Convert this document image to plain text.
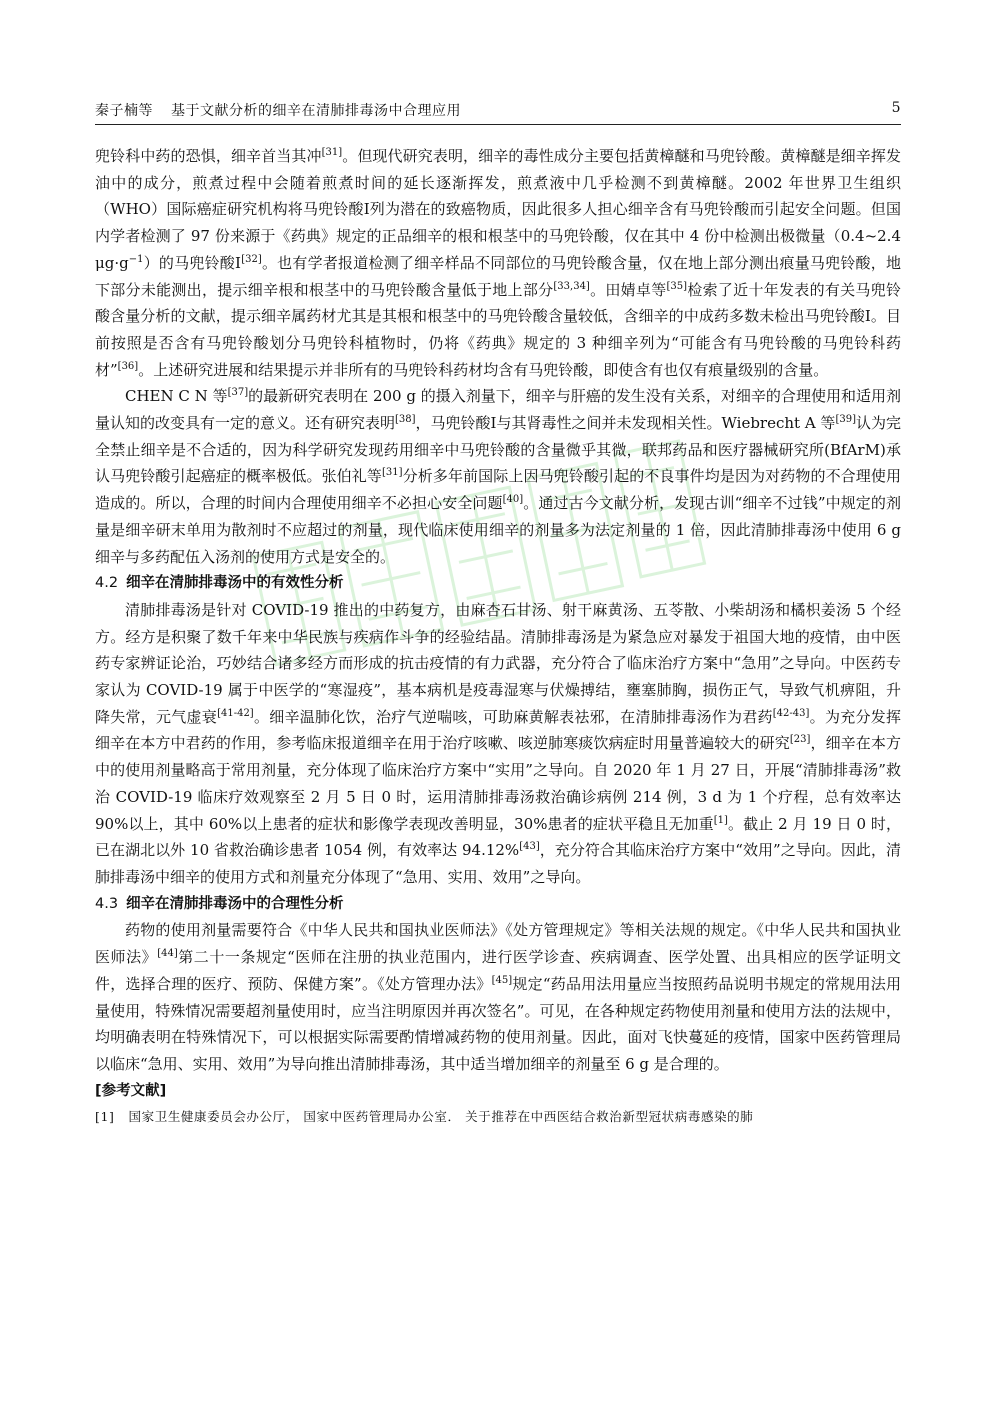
秦子楠等 基于文献分析的细辛在清肺排毒汤中合理应用	5

兜铃科中药的恐惧，细辛首当其冲[31]。但现代研究表明，细辛的毒性成分主要包括黄樟醚和马兜铃酸。黄樟醚是细辛挥发油中的成分，煎煮过程中会随着煎煮时间的延长逐渐挥发，煎煮液中几乎检测不到黄樟醚。2002 年世界卫生组织（WHO）国际癌症研究机构将马兜铃酸Ⅰ列为潜在的致癌物质，因此很多人担心细辛含有马兜铃酸而引起安全问题。但国内学者检测了 97 份来源于《药典》规定的正品细辛的根和根茎中的马兜铃酸，仅在其中 4 份中检测出极微量（0.4~2.4 $\mu g\cdot g^{-1}$）的马兜铃酸Ⅰ[32]。也有学者报道检测了细辛样品不同部位的马兜铃酸含量，仅在地上部分测出痕量马兜铃酸，地下部分未能测出，提示细辛根和根茎中的马兜铃酸含量低于地上部分[33,34]。田婧卓等[35]检索了近十年发表的有关马兜铃酸含量分析的文献，提示细辛属药材尤其是其根和根茎中的马兜铃酸含量较低，含细辛的中成药多数未检出马兜铃酸Ⅰ。目前按照是否含有马兜铃酸划分马兜铃科植物时，仍将《药典》规定的 3 种细辛列为“可能含有马兜铃酸的马兜铃科药材”[36]。上述研究进展和结果提示并非所有的马兜铃科药材均含有马兜铃酸，即使含有也仅有痕量级别的含量。

CHEN C N 等[37]的最新研究表明在 200 g 的摄入剂量下，细辛与肝癌的发生没有关系，对细辛的合理使用和适用剂量认知的改变具有一定的意义。还有研究表明[38]，马兜铃酸Ⅰ与其肾毒性之间并未发现相关性。Wiebrecht A 等[39]认为完全禁止细辛是不合适的，因为科学研究发现药用细辛中马兜铃酸的含量微乎其微，联邦药品和医疗器械研究所(BfArM)承认马兜铃酸引起癌症的概率极低。张伯礼等[31]分析多年前国际上因马兜铃酸引起的不良事件均是因为对药物的不合理使用造成的。所以，合理的时间内合理使用细辛不必担心安全问题[40]。通过古今文献分析，发现古训“细辛不过钱”中规定的剂量是细辛研末单用为散剂时不应超过的剂量，现代临床使用细辛的剂量多为法定剂量的 1 倍，因此清肺排毒汤中使用 6 g 细辛与多药配伍入汤剂的使用方式是安全的。

4.2 细辛在清肺排毒汤中的有效性分析

清肺排毒汤是针对 COVID-19 推出的中药复方，由麻杏石甘汤、射干麻黄汤、五苓散、小柴胡汤和橘枳姜汤 5 个经方。经方是积聚了数千年来中华民族与疾病作斗争的经验结晶。清肺排毒汤是为紧急应对暴发于祖国大地的疫情，由中医药专家辨证论治，巧妙结合诸多经方而形成的抗击疫情的有力武器，充分符合了临床治疗方案中“急用”之导向。中医药专家认为 COVID-19 属于中医学的“寒湿疫”，基本病机是疫毒湿寒与伏燥搏结，壅塞肺胸，损伤正气，导致气机痹阻，升降失常，元气虚衰[41-42]。细辛温肺化饮，治疗气逆喘咳，可助麻黄解表祛邪，在清肺排毒汤作为君药[42-43]。为充分发挥细辛在本方中君药的作用，参考临床报道细辛在用于治疗咳嗽、咳逆肺寒痰饮病症时用量普遍较大的研究[23]，细辛在本方中的使用剂量略高于常用剂量，充分体现了临床治疗方案中“实用”之导向。自 2020 年 1 月 27 日，开展“清肺排毒汤”救治 COVID-19 临床疗效观察至 2 月 5 日 0 时，运用清肺排毒汤救治确诊病例 214 例，3 d 为 1 个疗程，总有效率达 90%以上，其中 60%以上患者的症状和影像学表现改善明显，30%患者的症状平稳且无加重[1]。截止 2 月 19 日 0 时，已在湖北以外 10 省救治确诊患者 1054 例，有效率达 94.12%[43]，充分符合其临床治疗方案中“效用”之导向。因此，清肺排毒汤中细辛的使用方式和剂量充分体现了“急用、实用、效用”之导向。

4.3 细辛在清肺排毒汤中的合理性分析

药物的使用剂量需要符合《中华人民共和国执业医师法》《处方管理规定》等相关法规的规定。《中华人民共和国执业医师法》[44]第二十一条规定“医师在注册的执业范围内，进行医学诊查、疾病调查、医学处置、出具相应的医学证明文件，选择合理的医疗、预防、保健方案”。《处方管理办法》[45]规定“药品用法用量应当按照药品说明书规定的常规用法用量使用，特殊情况需要超剂量使用时，应当注明原因并再次签名”。可见，在各种规定药物使用剂量和使用方法的法规中，均明确表明在特殊情况下，可以根据实际需要酌情增减药物的使用剂量。因此，面对飞快蔓延的疫情，国家中医药管理局以临床“急用、实用、效用”为导向推出清肺排毒汤，其中适当增加细辛的剂量至 6 g 是合理的。

[参考文献]
[1] 国家卫生健康委员会办公厅， 国家中医药管理局办公室． 关于推荐在中西医结合救治新型冠状病毒感染的肺
